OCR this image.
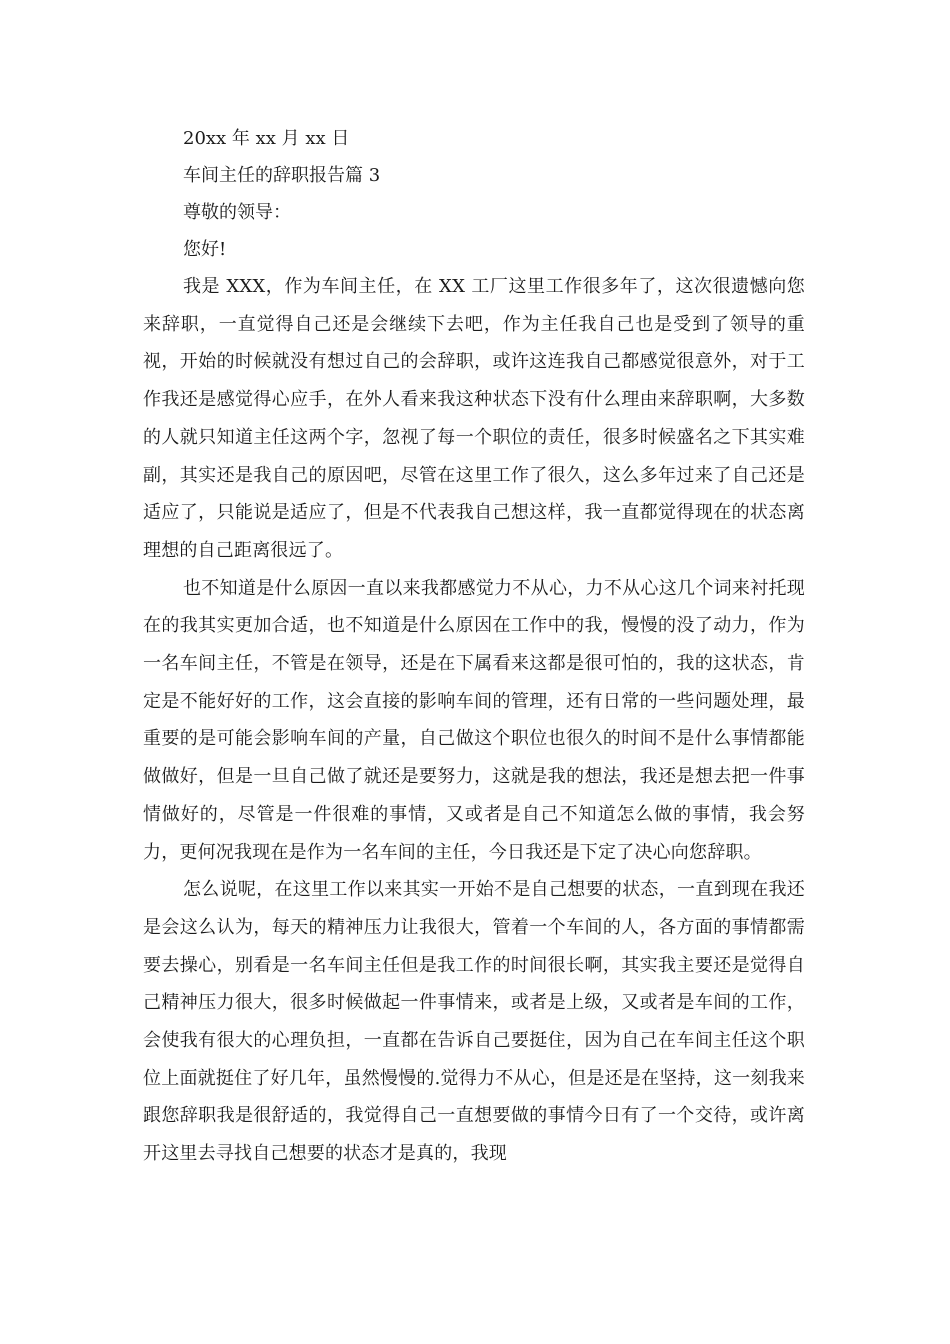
20xx 年 xx 月 xx 日

车间主任的辞职报告篇 3

尊敬的领导：

您好!

我是 XXX，作为车间主任，在 XX 工厂这里工作很多年了，这次很遗憾向您来辞职，一直觉得自己还是会继续下去吧，作为主任我自己也是受到了领导的重视，开始的时候就没有想过自己的会辞职，或许这连我自己都感觉很意外，对于工作我还是感觉得心应手，在外人看来我这种状态下没有什么理由来辞职啊，大多数的人就只知道主任这两个字，忽视了每一个职位的责任，很多时候盛名之下其实难副，其实还是我自己的原因吧，尽管在这里工作了很久，这么多年过来了自己还是适应了，只能说是适应了，但是不代表我自己想这样，我一直都觉得现在的状态离理想的自己距离很远了。

也不知道是什么原因一直以来我都感觉力不从心，力不从心这几个词来衬托现在的我其实更加合适，也不知道是什么原因在工作中的我，慢慢的没了动力，作为一名车间主任，不管是在领导，还是在下属看来这都是很可怕的，我的这状态，肯定是不能好好的工作，这会直接的影响车间的管理，还有日常的一些问题处理，最重要的是可能会影响车间的产量，自己做这个职位也很久的时间不是什么事情都能做做好，但是一旦自己做了就还是要努力，这就是我的想法，我还是想去把一件事情做好的，尽管是一件很难的事情，又或者是自己不知道怎么做的事情，我会努力，更何况我现在是作为一名车间的主任，今日我还是下定了决心向您辞职。

怎么说呢，在这里工作以来其实一开始不是自己想要的状态，一直到现在我还是会这么认为，每天的精神压力让我很大，管着一个车间的人，各方面的事情都需要去操心，别看是一名车间主任但是我工作的时间很长啊，其实我主要还是觉得自己精神压力很大，很多时候做起一件事情来，或者是上级，又或者是车间的工作，会使我有很大的心理负担，一直都在告诉自己要挺住，因为自己在车间主任这个职位上面就挺住了好几年，虽然慢慢的.觉得力不从心，但是还是在坚持，这一刻我来跟您辞职我是很舒适的，我觉得自己一直想要做的事情今日有了一个交待，或许离开这里去寻找自己想要的状态才是真的，我现
